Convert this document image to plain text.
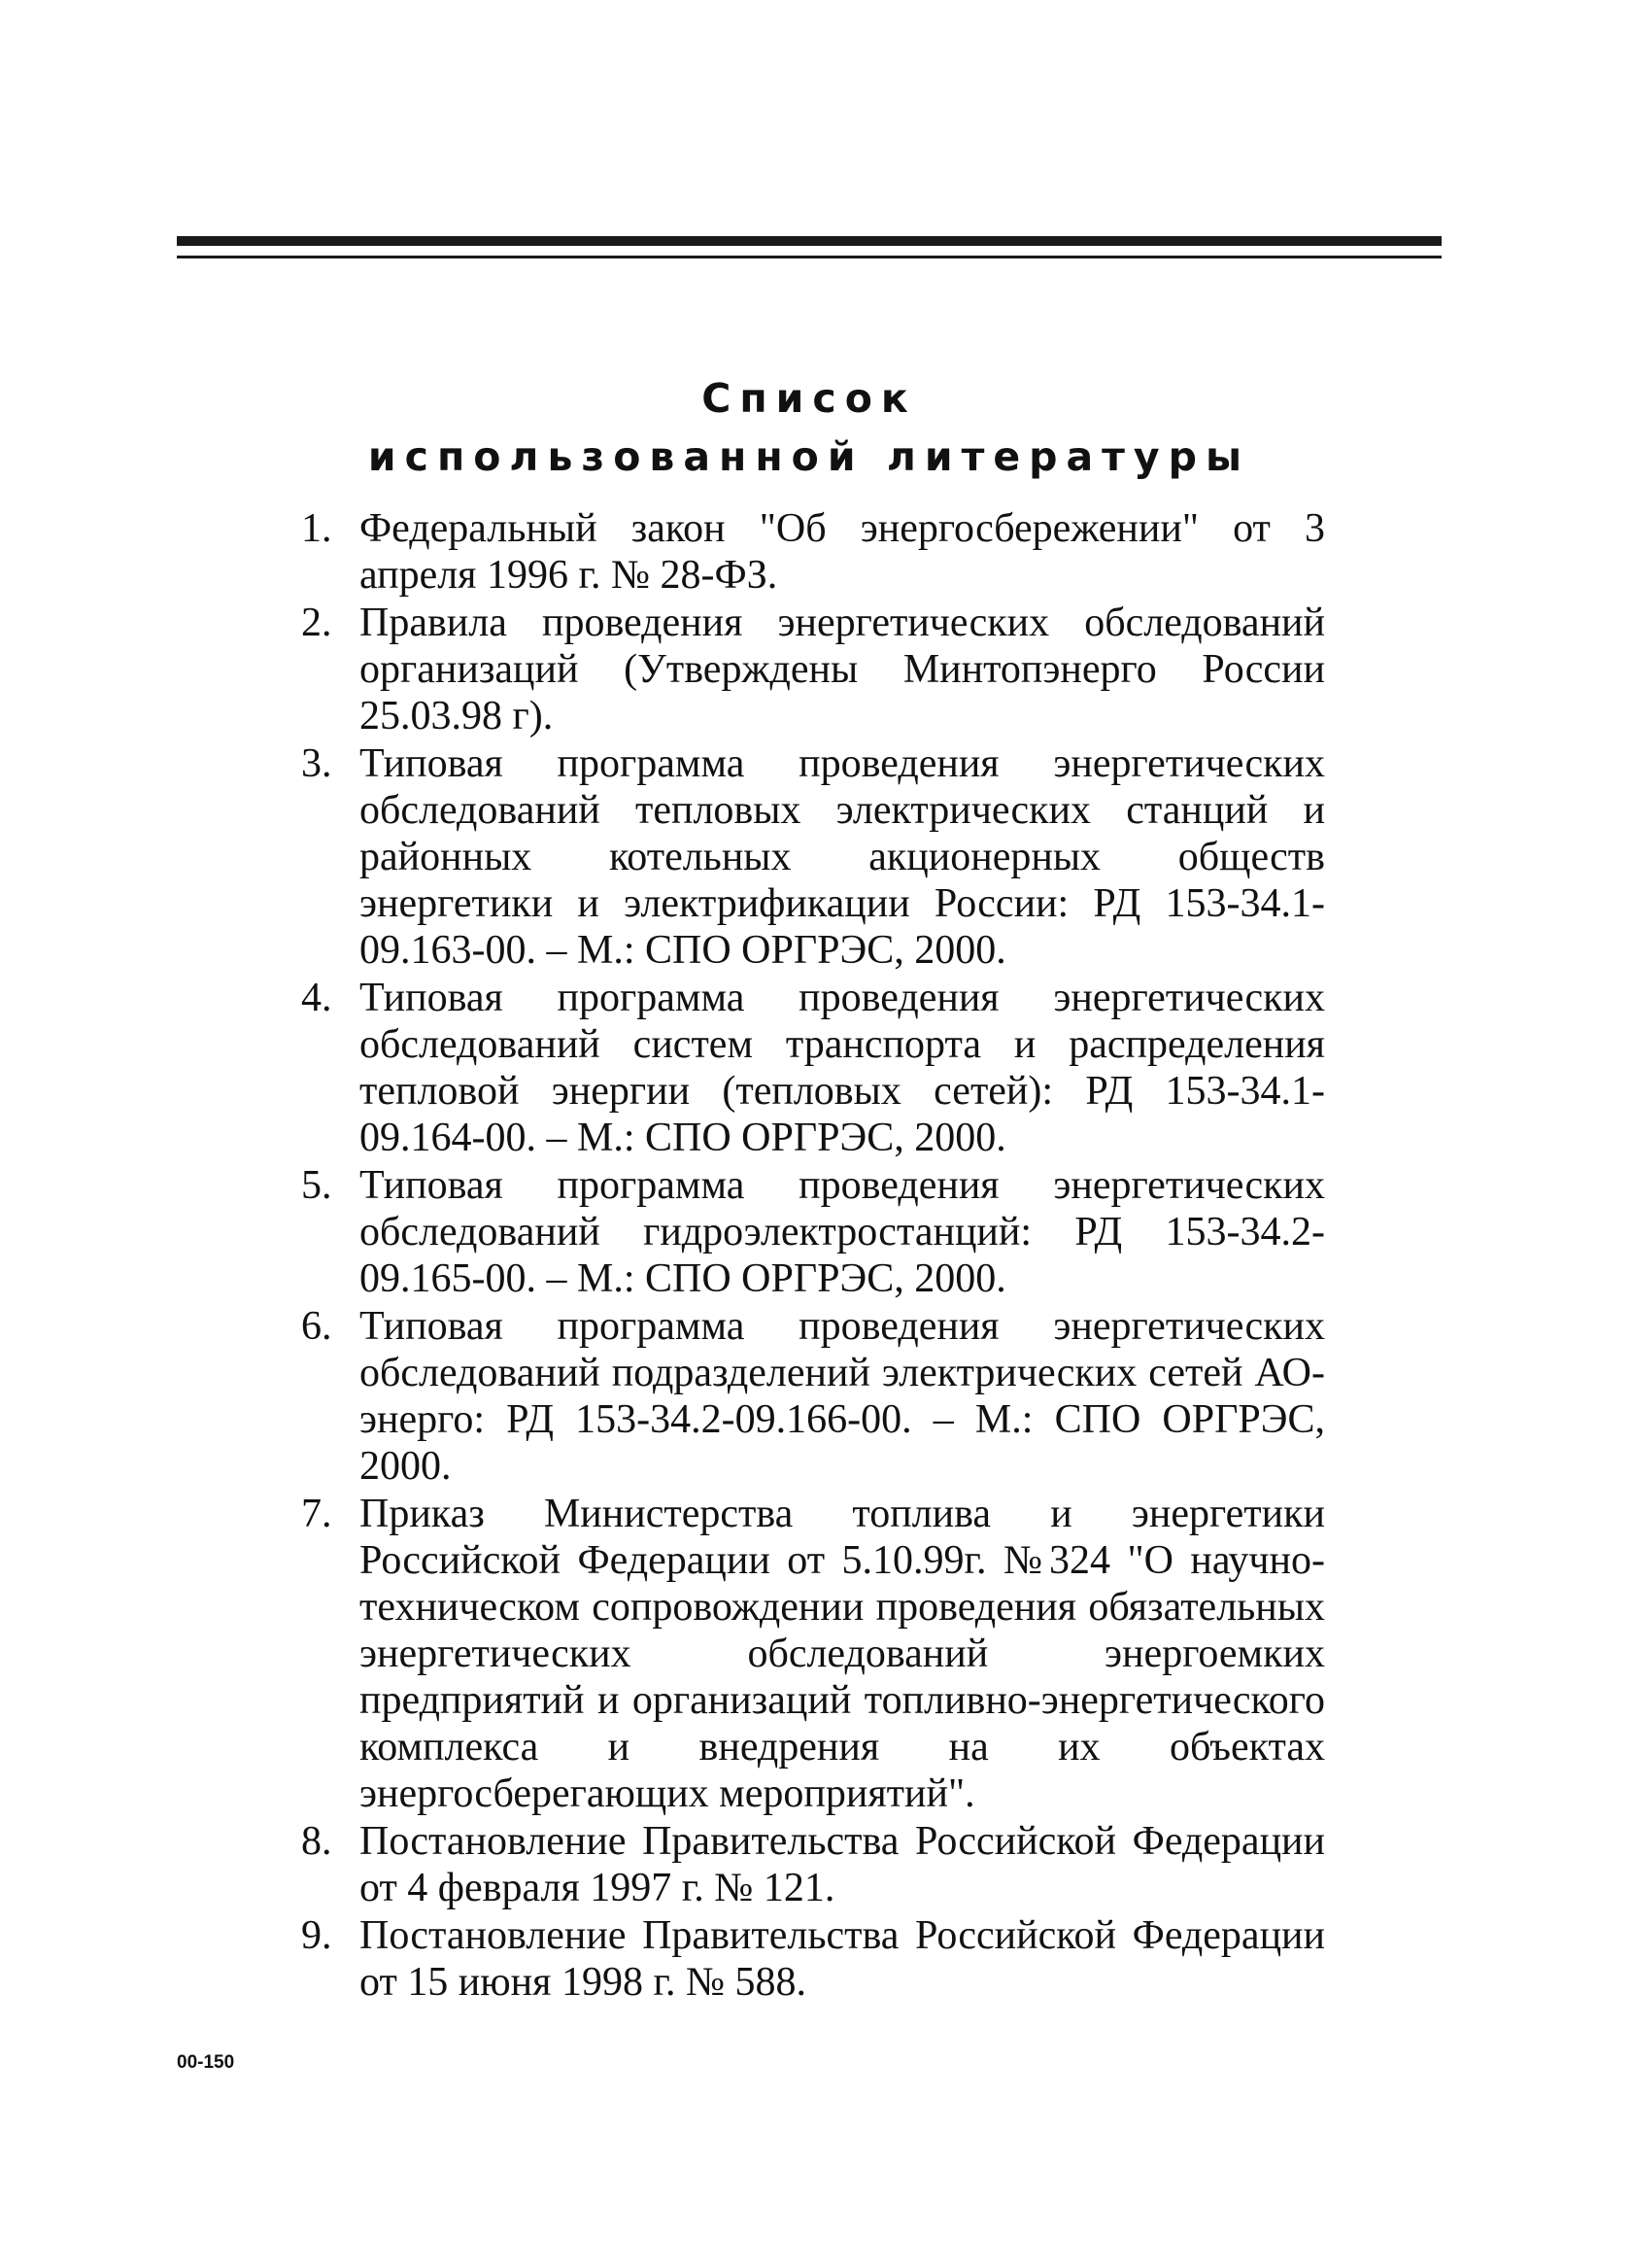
Список
использованной литературы
1. Федеральный закон "Об энергосбережении" от 3 апреля 1996 г. № 28-ФЗ.
2. Правила проведения энергетических обследований организаций (Утверждены Минтопэнерго России 25.03.98 г).
3. Типовая программа проведения энергетических обследований тепловых электрических станций и районных котельных акционерных обществ энергетики и электрификации России: РД 153-34.1-09.163-00. – М.: СПО ОРГРЭС, 2000.
4. Типовая программа проведения энергетических обследований систем транспорта и распределения тепловой энергии (тепловых сетей): РД 153-34.1-09.164-00. – М.: СПО ОРГРЭС, 2000.
5. Типовая программа проведения энергетических обследований гидроэлектростанций: РД 153-34.2-09.165-00. – М.: СПО ОРГРЭС, 2000.
6. Типовая программа проведения энергетических обследований подразделений электрических сетей АО-энерго: РД 153-34.2-09.166-00. – М.: СПО ОРГРЭС, 2000.
7. Приказ Министерства топлива и энергетики Российской Федерации от 5.10.99г. №324 "О научно-техническом сопровождении проведения обязательных энергетических обследований энергоемких предприятий и организаций топливно-энергетического комплекса и внедрения на их объектах энергосберегающих мероприятий".
8. Постановление Правительства Российской Федерации от 4 февраля 1997 г. № 121.
9. Постановление Правительства Российской Федерации от 15 июня 1998 г. № 588.
00-150
